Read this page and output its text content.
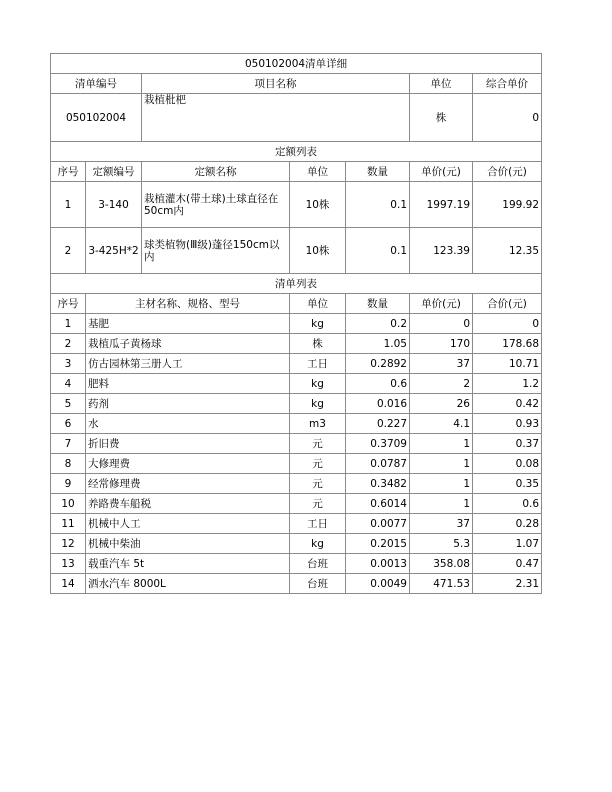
050102004清单详细						
清单编号		项目名称			单位	综合单价
050102004		栽植枇杷			株	0
定额列表						
序号	定额编号	定额名称	单位	数量	单价(元)	合价(元)
1	3-140	栽植灌木(带土球)土球直径在50cm内	10株	0.1	1997.19	199.92
2	3-425H*2	球类植物(Ⅲ级)蓬径150cm以内	10株	0.1	123.39	12.35
清单列表						
序号	主材名称、规格、型号		单位	数量	单价(元)	合价(元)
1	基肥		kg	0.2	0	0
2	栽植瓜子黄杨球		株	1.05	170	178.68
3	仿古园林第三册人工		工日	0.2892	37	10.71
4	肥料		kg	0.6	2	1.2
5	药剂		kg	0.016	26	0.42
6	水		m3	0.227	4.1	0.93
7	折旧费		元	0.3709	1	0.37
8	大修理费		元	0.0787	1	0.08
9	经常修理费		元	0.3482	1	0.35
10	养路费车船税		元	0.6014	1	0.6
11	机械中人工		工日	0.0077	37	0.28
12	机械中柴油		kg	0.2015	5.3	1.07
13	载重汽车 5t		台班	0.0013	358.08	0.47
14	洒水汽车 8000L		台班	0.0049	471.53	2.31
